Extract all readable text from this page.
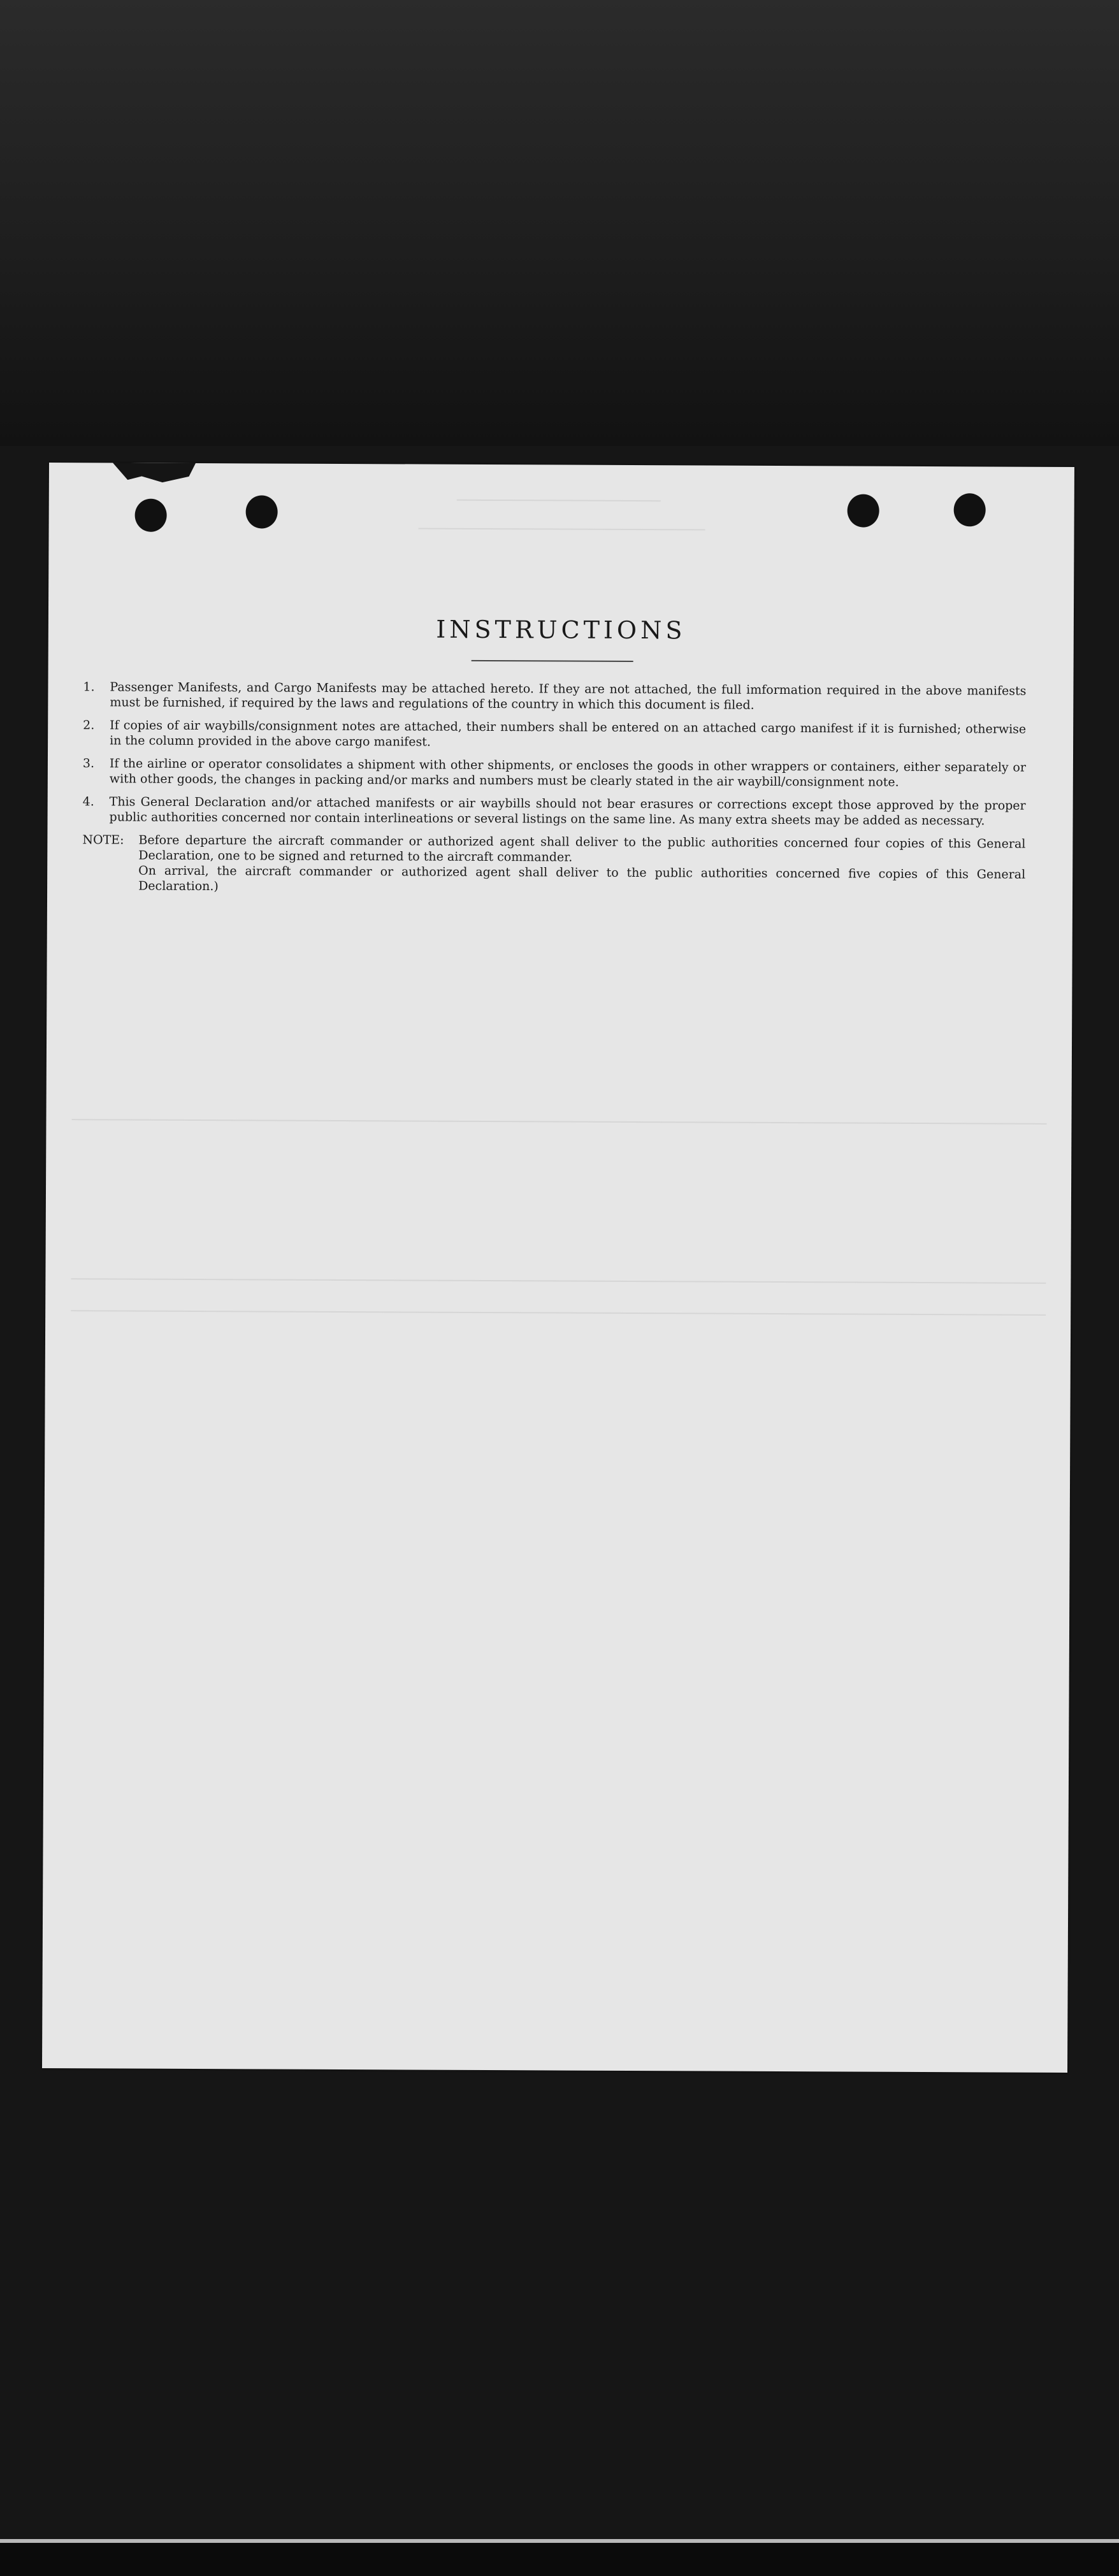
INSTRUCTIONS
1.	Passenger Manifests, and Cargo Manifests may be attached hereto. If they are not attached, the full imformation required in the above manifests must be furnished, if required by the laws and regulations of the country in which this document is filed.
2.	If copies of air waybills/consignment notes are attached, their numbers shall be entered on an attached cargo manifest if it is furnished; otherwise in the column provided in the above cargo manifest.
3.	If the airline or operator consolidates a shipment with other shipments, or encloses the goods in other wrappers or containers, either separately or with other goods, the changes in packing and/or marks and numbers must be clearly stated in the air waybill/consignment note.
4.	This General Declaration and/or attached manifests or air waybills should not bear erasures or corrections except those approved by the proper public authorities concerned nor contain interlineations or several listings on the same line. As many extra sheets may be added as necessary.
NOTE:	Before departure the aircraft commander or authorized agent shall deliver to the public authorities concerned four copies of this General Declaration, one to be signed and returned to the aircraft commander.

On arrival, the aircraft commander or authorized agent shall deliver to the public authorities concerned five copies of this General Declaration.)
